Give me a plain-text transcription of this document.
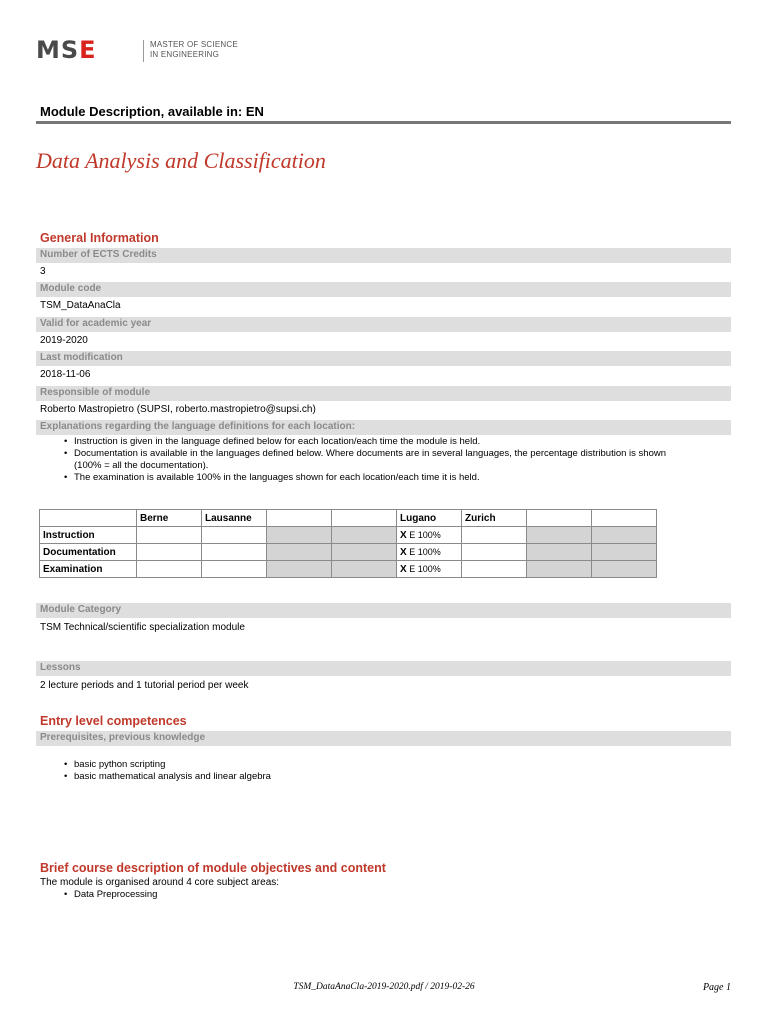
MSE	MASTER OF SCIENCE
IN ENGINEERING
Module Description, available in: EN
Data Analysis and Classification
General Information
Number of ECTS Credits
3
Module code
TSM_DataAnaCla
Valid for academic year
2019-2020
Last modification
2018-11-06
Responsible of module
Roberto Mastropietro (SUPSI, roberto.mastropietro@supsi.ch)
Explanations regarding the language definitions for each location:
• Instruction is given in the language defined below for each location/each time the module is held.
• Documentation is available in the languages defined below. Where documents are in several languages, the percentage distribution is shown
(100% = all the documentation).
• The examination is available 100% in the languages shown for each location/each time it is held.
	Berne	Lausanne			Lugano	Zurich		
Instruction					X E 100%			
Documentation					X E 100%			
Examination					X E 100%			
Module Category
TSM Technical/scientific specialization module
Lessons
2 lecture periods and 1 tutorial period per week
Entry level competences
Prerequisites, previous knowledge
• basic python scripting
• basic mathematical analysis and linear algebra
Brief course description of module objectives and content
The module is organised around 4 core subject areas:
• Data Preprocessing
TSM_DataAnaCla-2019-2020.pdf / 2019-02-26	Page 1
